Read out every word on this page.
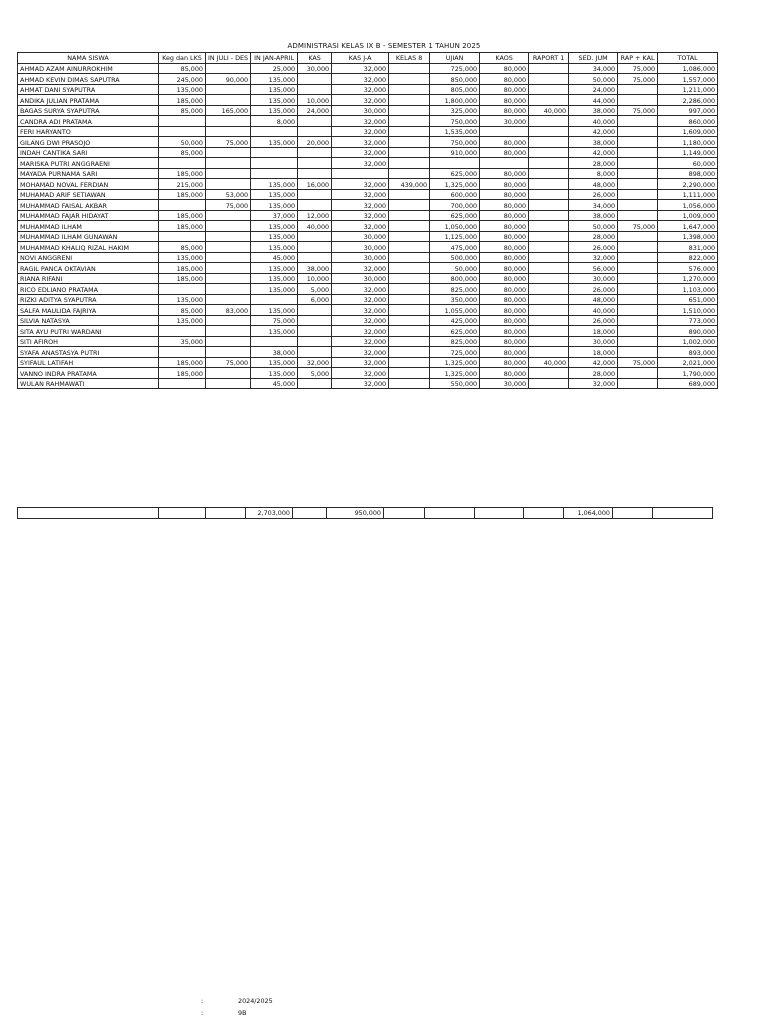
ADMINISTRASI KELAS IX B - SEMESTER 1 TAHUN 2025
NAMA SISWA	Keg dan LKS	IN JULI - DES	IN JAN-APRIL	KAS	KAS J-A	KELAS 8	UJIAN	KAOS	RAPORT 1	SED. JUM	RAP + KAL	TOTAL
AHMAD AZAM AINURROKHIM	85,000		25,000	30,000	32,000		725,000	80,000		34,000	75,000	1,086,000
AHMAD KEVIN DIMAS SAPUTRA	245,000	90,000	135,000		32,000		850,000	80,000		50,000	75,000	1,557,000
AHMAT DANI SYAPUTRA	135,000		135,000		32,000		805,000	80,000		24,000		1,211,000
ANDIKA JULIAN PRATAMA	185,000		135,000	10,000	32,000		1,800,000	80,000		44,000		2,286,000
BAGAS SURYA SYAPUTRA	85,000	165,000	135,000	24,000	30,000		325,000	80,000	40,000	38,000	75,000	997,000
CANDRA ADI PRATAMA			8,000		32,000		750,000	30,000		40,000		860,000
FERI HARYANTO					32,000		1,535,000			42,000		1,609,000
GILANG DWI PRASOJO	50,000	75,000	135,000	20,000	32,000		750,000	80,000		38,000		1,180,000
INDAH CANTIKA SARI	85,000				32,000		910,000	80,000		42,000		1,149,000
MARISKA PUTRI ANGGRAENI					32,000					28,000		60,000
MAYADA PURNAMA SARI	185,000						625,000	80,000		8,000		898,000
MOHAMAD NOVAL FERDIAN	215,000		135,000	16,000	32,000	439,000	1,325,000	80,000		48,000		2,290,000
MUHAMAD ARIF SETIAWAN	185,000	53,000	135,000		32,000		600,000	80,000		26,000		1,111,000
MUHAMMAD FAISAL AKBAR		75,000	135,000		32,000		700,000	80,000		34,000		1,056,000
MUHAMMAD FAJAR HIDAYAT	185,000		37,000	12,000	32,000		625,000	80,000		38,000		1,009,000
MUHAMMAD ILHAM	185,000		135,000	40,000	32,000		1,050,000	80,000		50,000	75,000	1,647,000
MUHAMMAD ILHAM GUNAWAN			135,000		30,000		1,125,000	80,000		28,000		1,398,000
MUHAMMAD KHALIQ RIZAL HAKIM	85,000		135,000		30,000		475,000	80,000		26,000		831,000
NOVI ANGGRENI	135,000		45,000		30,000		500,000	80,000		32,000		822,000
RAGIL PANCA OKTAVIAN	185,000		135,000	38,000	32,000		50,000	80,000		56,000		576,000
RIANA RIFANI	185,000		135,000	10,000	30,000		800,000	80,000		30,000		1,270,000
RICO EDLIANO PRATAMA			135,000	5,000	32,000		825,000	80,000		26,000		1,103,000
RIZKI ADITYA SYAPUTRA	135,000			6,000	32,000		350,000	80,000		48,000		651,000
SALFA MAULIDA FAJRIYA	85,000	83,000	135,000		32,000		1,055,000	80,000		40,000		1,510,000
SILVIA NATASYA	135,000		75,000		32,000		425,000	80,000		26,000		773,000
SITA AYU PUTRI WARDANI			135,000		32,000		625,000	80,000		18,000		890,000
SITI AFIROH	35,000				32,000		825,000	80,000		30,000		1,002,000
SYAFA ANASTASYA PUTRI			38,000		32,000		725,000	80,000		18,000		893,000
SYIFAUL LATIFAH	185,000	75,000	135,000	32,000	32,000		1,325,000	80,000	40,000	42,000	75,000	2,021,000
VANNO INDRA PRATAMA	185,000		135,000	5,000	32,000		1,325,000	80,000		28,000		1,790,000
WULAN RAHMAWATI			45,000		32,000		550,000	30,000		32,000		689,000
			2,703,000		950,000					1,064,000		
:	2024/2025
:	9B
